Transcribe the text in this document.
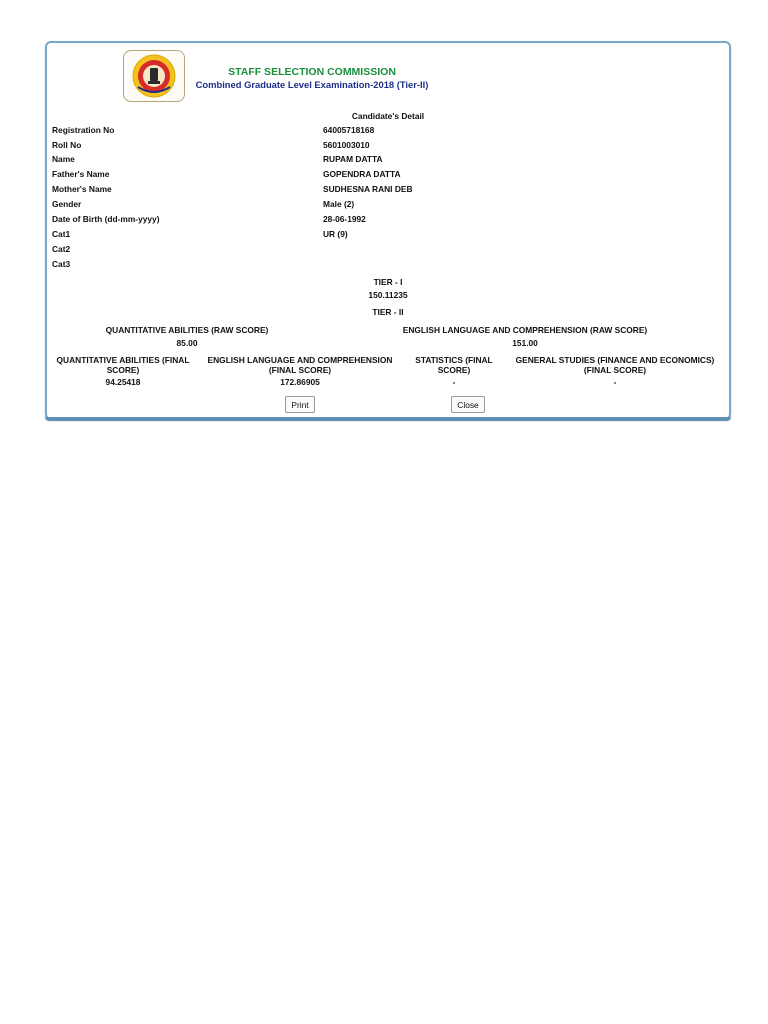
STAFF SELECTION COMMISSION
Combined Graduate Level Examination-2018 (Tier-II)
Candidate's Detail
Registration No	64005718168
Roll No	5601003010
Name	RUPAM DATTA
Father's Name	GOPENDRA DATTA
Mother's Name	SUDHESNA RANI DEB
Gender	Male (2)
Date of Birth (dd-mm-yyyy)	28-06-1992
Cat1	UR (9)
Cat2
Cat3
TIER - I
150.11235
TIER - II
QUANTITATIVE ABILITIES (RAW SCORE)
85.00
ENGLISH LANGUAGE AND COMPREHENSION (RAW SCORE)
151.00
QUANTITATIVE ABILITIES (FINAL SCORE)
94.25418
ENGLISH LANGUAGE AND COMPREHENSION (FINAL SCORE)
172.86905
STATISTICS (FINAL SCORE)
-
GENERAL STUDIES (FINANCE AND ECONOMICS) (FINAL SCORE)
-
Print	Close
